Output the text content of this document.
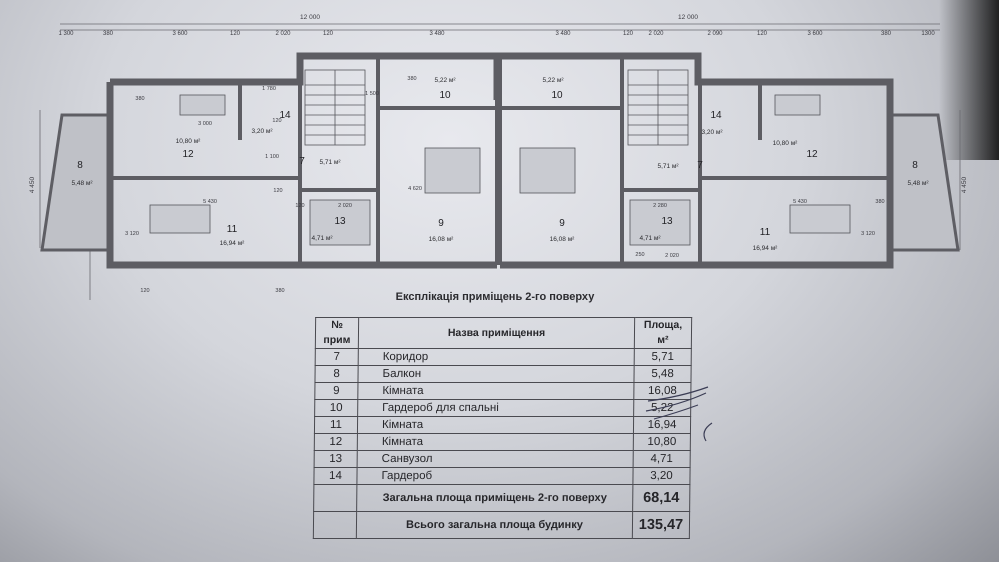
12 000	12 000
1 300	380	3 600	120	2 020	120	3 480	3 480	120	2 020	2 090	120	3 600	380	1300
4 450	4 450
8
12
14
7
10
11
13	9
10
9
7
13
14
12
11
8
5,48 м²
10,80 м²
3,20 м²
5,71 м²
5,22 м²
16,94 м²
4,71 м²	16,08 м²
5,22 м²
16,08 м²
5,71 м²
4,71 м²
3,20 м²
10,80 м²
16,94 м²
5,48 м²
380
1 780
120
1 500
380
3 000
1 100
120
5 430
3 120
4 620
2 020
120	2 280
250	2 020
5 430	380
3 120
120	380	Експлікація приміщень 2-го поверху
№ прим	Назва приміщення	Площа, м²
7	Коридор	5,71
8	Балкон	5,48
9	Кімната	16,08
10	Гардероб для спальні	5,22
11	Кімната	16,94
12	Кімната	10,80
13	Санвузол	4,71
14	Гардероб	3,20
	Загальна площа приміщень 2-го поверху	68,14
	Всього загальна площа будинку	135,47
